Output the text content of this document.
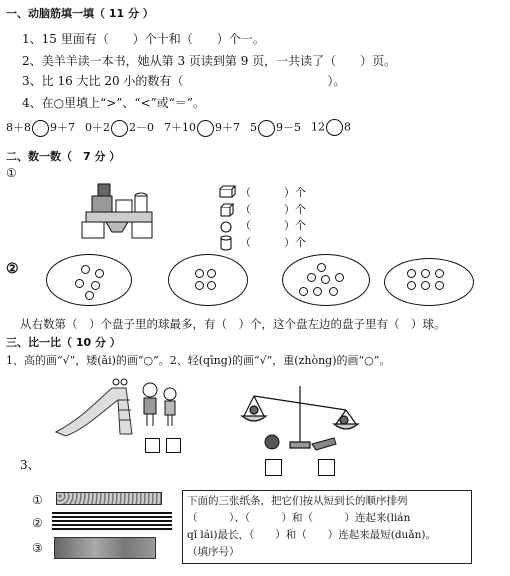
一、动脑筋填一填（ 11 分 ）
1、15 里面有（　　）个十和（　　）个一。
2、美羊羊读一本书，她从第 3 页读到第 9 页，一共读了（　　）页。
3、比 16 大比 20 小的数有（　　　　　　　　　　　　）。
4、在○里填上“>”、“<”或“＝”。
8＋8 9＋7 0＋2 2－0 7＋10 9＋7 5 9－5 12 8
二、数一数（　7 分 ）
①
（　　　）个
（　　　）个
（　　　）个
（　　　）个
②
从右数第（　）个盘子里的球最多，有（　）个，这个盘左边的盘子里有（　）球。
三、比一比（ 10 分 ）
1、高的画“√”，矮(ǎi)的画“○”。2、轻(qīng)的画“√”，重(zhòng)的画“○”。
3、
①
②
③
下面的三张纸条，把它们按从短到长的顺序排列
（　　　）、（　　　）和（　　　）连起来(lián
qǐ lái)最长，（　　）和（　　）连起来最短(duǎn)。
（填序号）
